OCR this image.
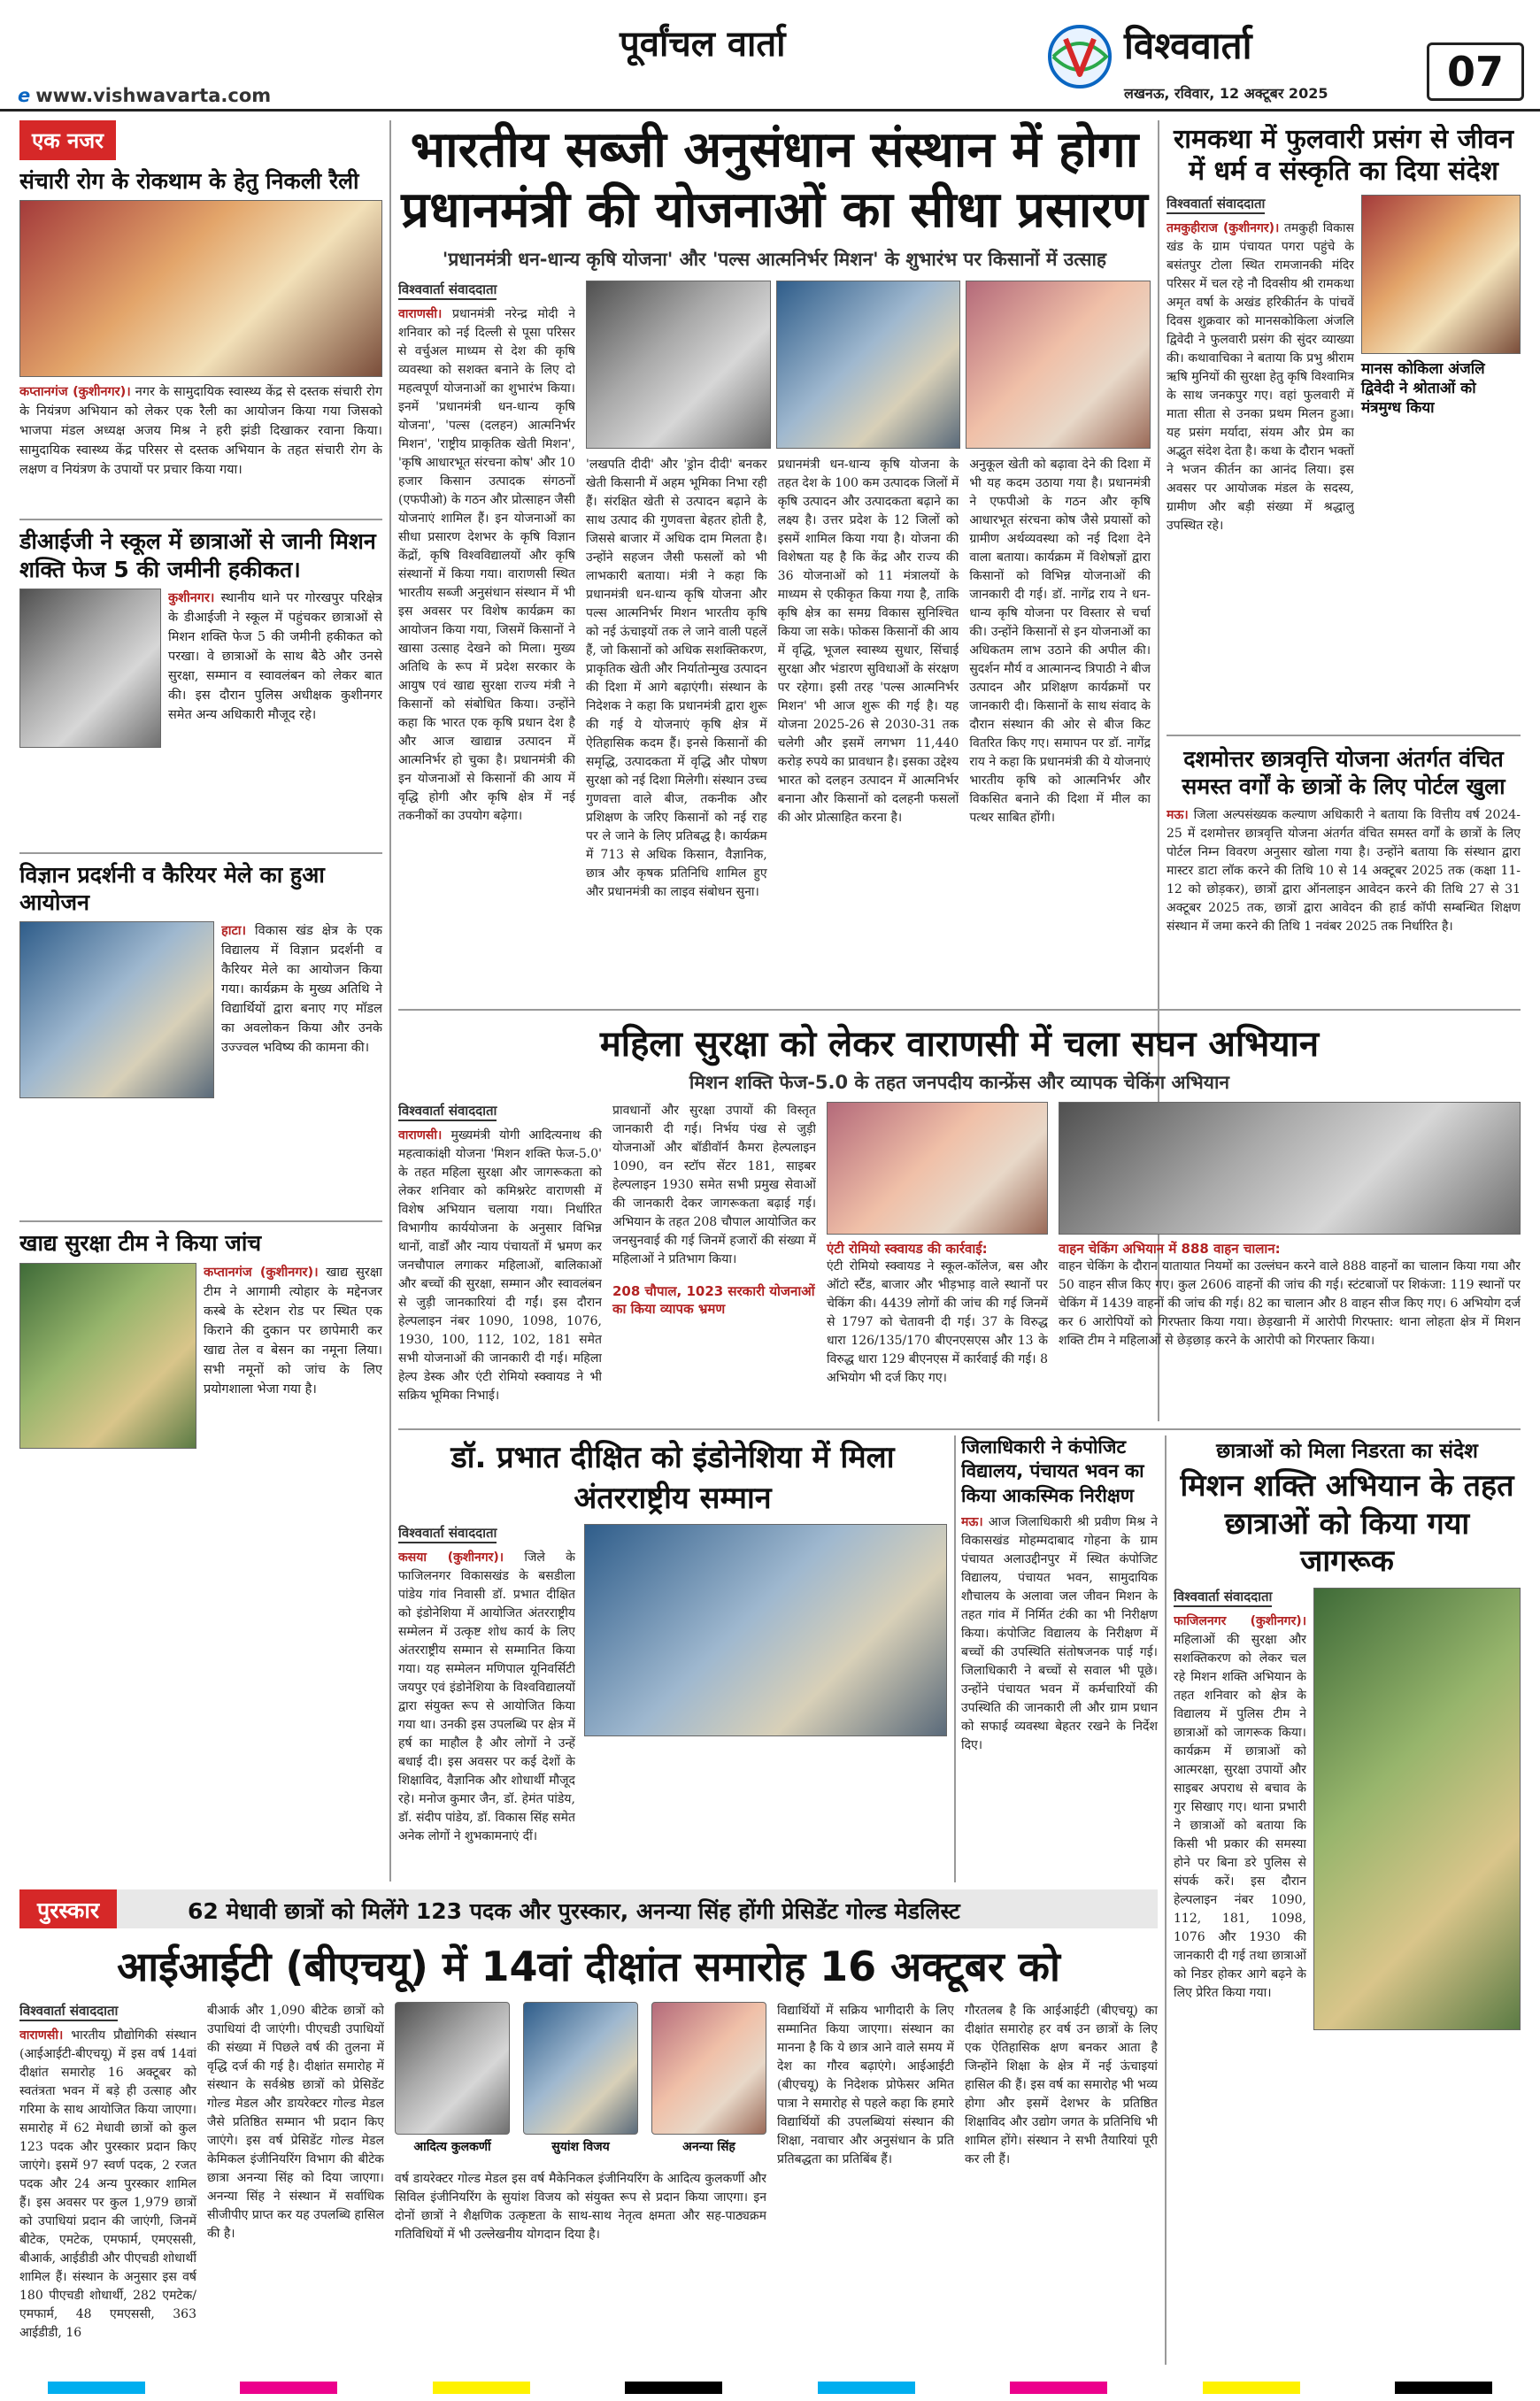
पूर्वांचल वार्ता
e www.vishwavarta.com
विश्ववार्ता
लखनऊ, रविवार, 12 अक्टूबर 2025	07
एक नजर
संचारी रोग के रोकथाम के हेतु निकली रैली
कप्तानगंज (कुशीनगर)। नगर के सामुदायिक स्वास्थ्य केंद्र से दस्तक संचारी रोग के नियंत्रण अभियान को लेकर एक रैली का आयोजन किया गया जिसको भाजपा मंडल अध्यक्ष अजय मिश्र ने हरी झंडी दिखाकर रवाना किया। सामुदायिक स्वास्थ्य केंद्र परिसर से दस्तक अभियान के तहत संचारी रोग के लक्षण व नियंत्रण के उपायों पर प्रचार किया गया।
डीआईजी ने स्कूल में छात्राओं से जानी मिशन शक्ति फेज 5 की जमीनी हकीकत।
कुशीनगर। स्थानीय थाने पर गोरखपुर परिक्षेत्र के डीआईजी ने स्कूल में पहुंचकर छात्राओं से मिशन शक्ति फेज 5 की जमीनी हकीकत को परखा। वे छात्राओं के साथ बैठे और उनसे सुरक्षा, सम्मान व स्वावलंबन को लेकर बात की। इस दौरान पुलिस अधीक्षक कुशीनगर समेत अन्य अधिकारी मौजूद रहे।
विज्ञान प्रदर्शनी व कैरियर मेले का हुआ आयोजन
हाटा। विकास खंड क्षेत्र के एक विद्यालय में विज्ञान प्रदर्शनी व कैरियर मेले का आयोजन किया गया। कार्यक्रम के मुख्य अतिथि ने विद्यार्थियों द्वारा बनाए गए मॉडल का अवलोकन किया और उनके उज्ज्वल भविष्य की कामना की।
खाद्य सुरक्षा टीम ने किया जांच
कप्तानगंज (कुशीनगर)। खाद्य सुरक्षा टीम ने आगामी त्योहार के मद्देनजर कस्बे के स्टेशन रोड पर स्थित एक किराने की दुकान पर छापेमारी कर खाद्य तेल व बेसन का नमूना लिया। सभी नमूनों को जांच के लिए प्रयोगशाला भेजा गया है।
भारतीय सब्जी अनुसंधान संस्थान में होगा
प्रधानमंत्री की योजनाओं का सीधा प्रसारण
'प्रधानमंत्री धन-धान्य कृषि योजना' और 'पल्स आत्मनिर्भर मिशन' के शुभारंभ पर किसानों में उत्साह
विश्ववार्ता संवाददाता
वाराणसी। प्रधानमंत्री नरेन्द्र मोदी ने शनिवार को नई दिल्ली से पूसा परिसर से वर्चुअल माध्यम से देश की कृषि व्यवस्था को सशक्त बनाने के लिए दो महत्वपूर्ण योजनाओं का शुभारंभ किया। इनमें 'प्रधानमंत्री धन-धान्य कृषि योजना', 'पल्स (दलहन) आत्मनिर्भर मिशन', 'राष्ट्रीय प्राकृतिक खेती मिशन', 'कृषि आधारभूत संरचना कोष' और 10 हजार किसान उत्पादक संगठनों (एफपीओ) के गठन और प्रोत्साहन जैसी योजनाएं शामिल हैं। इन योजनाओं का सीधा प्रसारण देशभर के कृषि विज्ञान केंद्रों, कृषि विश्वविद्यालयों और कृषि संस्थानों में किया गया। वाराणसी स्थित भारतीय सब्जी अनुसंधान संस्थान में भी इस अवसर पर विशेष कार्यक्रम का आयोजन किया गया, जिसमें किसानों ने खासा उत्साह देखने को मिला। मुख्य अतिथि के रूप में प्रदेश सरकार के आयुष एवं खाद्य सुरक्षा राज्य मंत्री ने किसानों को संबोधित किया। उन्होंने कहा कि भारत एक कृषि प्रधान देश है और आज खाद्यान्न उत्पादन में आत्मनिर्भर हो चुका है। प्रधानमंत्री की इन योजनाओं से किसानों की आय में वृद्धि होगी और कृषि क्षेत्र में नई तकनीकों का उपयोग बढ़ेगा।
'लखपति दीदी' और 'ड्रोन दीदी' बनकर खेती किसानी में अहम भूमिका निभा रही हैं। संरक्षित खेती से उत्पादन बढ़ाने के साथ उत्पाद की गुणवत्ता बेहतर होती है, जिससे बाजार में अधिक दाम मिलता है। उन्होंने सहजन जैसी फसलों को भी लाभकारी बताया। मंत्री ने कहा कि प्रधानमंत्री धन-धान्य कृषि योजना और पल्स आत्मनिर्भर मिशन भारतीय कृषि को नई ऊंचाइयों तक ले जाने वाली पहलें हैं, जो किसानों को अधिक सशक्तिकरण, प्राकृतिक खेती और निर्यातोन्मुख उत्पादन की दिशा में आगे बढ़ाएंगी। संस्थान के निदेशक ने कहा कि प्रधानमंत्री द्वारा शुरू की गई ये योजनाएं कृषि क्षेत्र में ऐतिहासिक कदम हैं। इनसे किसानों की समृद्धि, उत्पादकता में वृद्धि और पोषण सुरक्षा को नई दिशा मिलेगी। संस्थान उच्च गुणवत्ता वाले बीज, तकनीक और प्रशिक्षण के जरिए किसानों को नई राह पर ले जाने के लिए प्रतिबद्ध है। कार्यक्रम में 713 से अधिक किसान, वैज्ञानिक, छात्र और कृषक प्रतिनिधि शामिल हुए और प्रधानमंत्री का लाइव संबोधन सुना।
प्रधानमंत्री धन-धान्य कृषि योजना के तहत देश के 100 कम उत्पादक जिलों में कृषि उत्पादन और उत्पादकता बढ़ाने का लक्ष्य है। उत्तर प्रदेश के 12 जिलों को इसमें शामिल किया गया है। योजना की विशेषता यह है कि केंद्र और राज्य की 36 योजनाओं को 11 मंत्रालयों के माध्यम से एकीकृत किया गया है, ताकि कृषि क्षेत्र का समग्र विकास सुनिश्चित किया जा सके। फोकस किसानों की आय में वृद्धि, भूजल स्वास्थ्य सुधार, सिंचाई सुरक्षा और भंडारण सुविधाओं के संरक्षण पर रहेगा। इसी तरह 'पल्स आत्मनिर्भर मिशन' भी आज शुरू की गई है। यह योजना 2025-26 से 2030-31 तक चलेगी और इसमें लगभग 11,440 करोड़ रुपये का प्रावधान है। इसका उद्देश्य भारत को दलहन उत्पादन में आत्मनिर्भर बनाना और किसानों को दलहनी फसलों की ओर प्रोत्साहित करना है।
अनुकूल खेती को बढ़ावा देने की दिशा में भी यह कदम उठाया गया है। प्रधानमंत्री ने एफपीओ के गठन और कृषि आधारभूत संरचना कोष जैसे प्रयासों को ग्रामीण अर्थव्यवस्था को नई दिशा देने वाला बताया। कार्यक्रम में विशेषज्ञों द्वारा किसानों को विभिन्न योजनाओं की जानकारी दी गई। डॉ. नागेंद्र राय ने धन-धान्य कृषि योजना पर विस्तार से चर्चा की। उन्होंने किसानों से इन योजनाओं का अधिकतम लाभ उठाने की अपील की। सुदर्शन मौर्य व आत्मानन्द त्रिपाठी ने बीज उत्पादन और प्रशिक्षण कार्यक्रमों पर जानकारी दी। किसानों के साथ संवाद के दौरान संस्थान की ओर से बीज किट वितरित किए गए। समापन पर डॉ. नागेंद्र राय ने कहा कि प्रधानमंत्री की ये योजनाएं भारतीय कृषि को आत्मनिर्भर और विकसित बनाने की दिशा में मील का पत्थर साबित होंगी।
रामकथा में फुलवारी प्रसंग से जीवन में धर्म व संस्कृति का दिया संदेश
विश्ववार्ता संवाददाता
तमकुहीराज (कुशीनगर)। तमकुही विकास खंड के ग्राम पंचायत पगरा पहुंचे के बसंतपुर टोला स्थित रामजानकी मंदिर परिसर में चल रहे नौ दिवसीय श्री रामकथा अमृत वर्षा के अखंड हरिकीर्तन के पांचवें दिवस शुक्रवार को मानसकोकिला अंजलि द्विवेदी ने फुलवारी प्रसंग की सुंदर व्याख्या की। कथावाचिका ने बताया कि प्रभु श्रीराम ऋषि मुनियों की सुरक्षा हेतु कृषि विश्वामित्र के साथ जनकपुर गए। वहां फुलवारी में माता सीता से उनका प्रथम मिलन हुआ। यह प्रसंग मर्यादा, संयम और प्रेम का अद्भुत संदेश देता है। कथा के दौरान भक्तों ने भजन कीर्तन का आनंद लिया। इस अवसर पर आयोजक मंडल के सदस्य, ग्रामीण और बड़ी संख्या में श्रद्धालु उपस्थित रहे।
मानस कोकिला अंजलि द्विवेदी ने श्रोताओं को मंत्रमुग्ध किया
दशमोत्तर छात्रवृत्ति योजना अंतर्गत वंचित समस्त वर्गों के छात्रों के लिए पोर्टल खुला
मऊ। जिला अल्पसंख्यक कल्याण अधिकारी ने बताया कि वित्तीय वर्ष 2024-25 में दशमोत्तर छात्रवृत्ति योजना अंतर्गत वंचित समस्त वर्गों के छात्रों के लिए पोर्टल निम्न विवरण अनुसार खोला गया है। उन्होंने बताया कि संस्थान द्वारा मास्टर डाटा लॉक करने की तिथि 10 से 14 अक्टूबर 2025 तक (कक्षा 11-12 को छोड़कर), छात्रों द्वारा ऑनलाइन आवेदन करने की तिथि 27 से 31 अक्टूबर 2025 तक, छात्रों द्वारा आवेदन की हार्ड कॉपी सम्बन्धित शिक्षण संस्थान में जमा करने की तिथि 1 नवंबर 2025 तक निर्धारित है।
महिला सुरक्षा को लेकर वाराणसी में चला सघन अभियान
मिशन शक्ति फेज-5.0 के तहत जनपदीय कान्फ्रेंस और व्यापक चेकिंग अभियान
विश्ववार्ता संवाददाता
वाराणसी। मुख्यमंत्री योगी आदित्यनाथ की महत्वाकांक्षी योजना 'मिशन शक्ति फेज-5.0' के तहत महिला सुरक्षा और जागरूकता को लेकर शनिवार को कमिश्नरेट वाराणसी में विशेष अभियान चलाया गया। निर्धारित विभागीय कार्ययोजना के अनुसार विभिन्न थानों, वार्डों और न्याय पंचायतों में भ्रमण कर जनचौपाल लगाकर महिलाओं, बालिकाओं और बच्चों की सुरक्षा, सम्मान और स्वावलंबन से जुड़ी जानकारियां दी गईं। इस दौरान हेल्पलाइन नंबर 1090, 1098, 1076, 1930, 100, 112, 102, 181 समेत सभी योजनाओं की जानकारी दी गई। महिला हेल्प डेस्क और एंटी रोमियो स्क्वायड ने भी सक्रिय भूमिका निभाई।
प्रावधानों और सुरक्षा उपायों की विस्तृत जानकारी दी गई। निर्भय पंख से जुड़ी योजनाओं और बॉडीवॉर्न कैमरा हेल्पलाइन 1090, वन स्टॉप सेंटर 181, साइबर हेल्पलाइन 1930 समेत सभी प्रमुख सेवाओं की जानकारी देकर जागरूकता बढ़ाई गई। अभियान के तहत 208 चौपाल आयोजित कर जनसुनवाई की गई जिनमें हजारों की संख्या में महिलाओं ने प्रतिभाग किया।
208 चौपाल, 1023 सरकारी योजनाओं का किया व्यापक भ्रमण
एंटी रोमियो स्क्वायड की कार्रवाई:
एंटी रोमियो स्क्वायड ने स्कूल-कॉलेज, बस और ऑटो स्टैंड, बाजार और भीड़भाड़ वाले स्थानों पर चेकिंग की। 4439 लोगों की जांच की गई जिनमें से 1797 को चेतावनी दी गई। 37 के विरुद्ध धारा 126/135/170 बीएनएसएस और 13 के विरुद्ध धारा 129 बीएनएस में कार्रवाई की गई। 8 अभियोग भी दर्ज किए गए।
वाहन चेकिंग अभियान में 888 वाहन चालान:
वाहन चेकिंग के दौरान यातायात नियमों का उल्लंघन करने वाले 888 वाहनों का चालान किया गया और 50 वाहन सीज किए गए। कुल 2606 वाहनों की जांच की गई। स्टंटबाजों पर शिकंजा: 119 स्थानों पर चेकिंग में 1439 वाहनों की जांच की गई। 82 का चालान और 8 वाहन सीज किए गए। 6 अभियोग दर्ज कर 6 आरोपियों को गिरफ्तार किया गया। छेड़खानी में आरोपी गिरफ्तार: थाना लोहता क्षेत्र में मिशन शक्ति टीम ने महिलाओं से छेड़छाड़ करने के आरोपी को गिरफ्तार किया।
डॉ. प्रभात दीक्षित को इंडोनेशिया में मिला अंतरराष्ट्रीय सम्मान
विश्ववार्ता संवाददाता
कसया (कुशीनगर)। जिले के फाजिलनगर विकासखंड के बसडीला पांडेय गांव निवासी डॉ. प्रभात दीक्षित को इंडोनेशिया में आयोजित अंतरराष्ट्रीय सम्मेलन में उत्कृष्ट शोध कार्य के लिए अंतरराष्ट्रीय सम्मान से सम्मानित किया गया। यह सम्मेलन मणिपाल यूनिवर्सिटी जयपुर एवं इंडोनेशिया के विश्वविद्यालयों द्वारा संयुक्त रूप से आयोजित किया गया था। उनकी इस उपलब्धि पर क्षेत्र में हर्ष का माहौल है और लोगों ने उन्हें बधाई दी। इस अवसर पर कई देशों के शिक्षाविद, वैज्ञानिक और शोधार्थी मौजूद रहे। मनोज कुमार जैन, डॉ. हेमंत पांडेय, डॉ. संदीप पांडेय, डॉ. विकास सिंह समेत अनेक लोगों ने शुभकामनाएं दीं।
जिलाधिकारी ने कंपोजिट विद्यालय, पंचायत भवन का किया आकस्मिक निरीक्षण
मऊ। आज जिलाधिकारी श्री प्रवीण मिश्र ने विकासखंड मोहम्मदाबाद गोहना के ग्राम पंचायत अलाउद्दीनपुर में स्थित कंपोजिट विद्यालय, पंचायत भवन, सामुदायिक शौचालय के अलावा जल जीवन मिशन के तहत गांव में निर्मित टंकी का भी निरीक्षण किया। कंपोजिट विद्यालय के निरीक्षण में बच्चों की उपस्थिति संतोषजनक पाई गई। जिलाधिकारी ने बच्चों से सवाल भी पूछे। उन्होंने पंचायत भवन में कर्मचारियों की उपस्थिति की जानकारी ली और ग्राम प्रधान को सफाई व्यवस्था बेहतर रखने के निर्देश दिए।
छात्राओं को मिला निडरता का संदेश
मिशन शक्ति अभियान के तहत छात्राओं को किया गया जागरूक
विश्ववार्ता संवाददाता
फाजिलनगर (कुशीनगर)। महिलाओं की सुरक्षा और सशक्तिकरण को लेकर चल रहे मिशन शक्ति अभियान के तहत शनिवार को क्षेत्र के विद्यालय में पुलिस टीम ने छात्राओं को जागरूक किया। कार्यक्रम में छात्राओं को आत्मरक्षा, सुरक्षा उपायों और साइबर अपराध से बचाव के गुर सिखाए गए। थाना प्रभारी ने छात्राओं को बताया कि किसी भी प्रकार की समस्या होने पर बिना डरे पुलिस से संपर्क करें। इस दौरान हेल्पलाइन नंबर 1090, 112, 181, 1098, 1076 और 1930 की जानकारी दी गई तथा छात्राओं को निडर होकर आगे बढ़ने के लिए प्रेरित किया गया।
पुरस्कार	62 मेधावी छात्रों को मिलेंगे 123 पदक और पुरस्कार, अनन्या सिंह होंगी प्रेसिडेंट गोल्ड मेडलिस्ट
आईआईटी (बीएचयू) में 14वां दीक्षांत समारोह 16 अक्टूबर को
विश्ववार्ता संवाददाता
वाराणसी। भारतीय प्रौद्योगिकी संस्थान (आईआईटी-बीएचयू) में इस वर्ष 14वां दीक्षांत समारोह 16 अक्टूबर को स्वतंत्रता भवन में बड़े ही उत्साह और गरिमा के साथ आयोजित किया जाएगा। समारोह में 62 मेधावी छात्रों को कुल 123 पदक और पुरस्कार प्रदान किए जाएंगे। इसमें 97 स्वर्ण पदक, 2 रजत पदक और 24 अन्य पुरस्कार शामिल हैं। इस अवसर पर कुल 1,979 छात्रों को उपाधियां प्रदान की जाएंगी, जिनमें बीटेक, एमटेक, एमफार्म, एमएससी, बीआर्क, आईडीडी और पीएचडी शोधार्थी शामिल हैं। संस्थान के अनुसार इस वर्ष 180 पीएचडी शोधार्थी, 282 एमटेक/एमफार्म, 48 एमएससी, 363 आईडीडी, 16
बीआर्क और 1,090 बीटेक छात्रों को उपाधियां दी जाएंगी। पीएचडी उपाधियों की संख्या में पिछले वर्ष की तुलना में वृद्धि दर्ज की गई है। दीक्षांत समारोह में संस्थान के सर्वश्रेष्ठ छात्रों को प्रेसिडेंट गोल्ड मेडल और डायरेक्टर गोल्ड मेडल जैसे प्रतिष्ठित सम्मान भी प्रदान किए जाएंगे। इस वर्ष प्रेसिडेंट गोल्ड मेडल केमिकल इंजीनियरिंग विभाग की बीटेक छात्रा अनन्या सिंह को दिया जाएगा। अनन्या सिंह ने संस्थान में सर्वाधिक सीजीपीए प्राप्त कर यह उपलब्धि हासिल की है।
आदित्य कुलकर्णी	सुयांश विजय	अनन्या सिंह
वर्ष डायरेक्टर गोल्ड मेडल इस वर्ष मैकेनिकल इंजीनियरिंग के आदित्य कुलकर्णी और सिविल इंजीनियरिंग के सुयांश विजय को संयुक्त रूप से प्रदान किया जाएगा। इन दोनों छात्रों ने शैक्षणिक उत्कृष्टता के साथ-साथ नेतृत्व क्षमता और सह-पाठ्यक्रम गतिविधियों में भी उल्लेखनीय योगदान दिया है।
विद्यार्थियों में सक्रिय भागीदारी के लिए सम्मानित किया जाएगा। संस्थान का मानना है कि ये छात्र आने वाले समय में देश का गौरव बढ़ाएंगे। आईआईटी (बीएचयू) के निदेशक प्रोफेसर अमित पात्रा ने समारोह से पहले कहा कि हमारे विद्यार्थियों की उपलब्धियां संस्थान की शिक्षा, नवाचार और अनुसंधान के प्रति प्रतिबद्धता का प्रतिबिंब हैं।
गौरतलब है कि आईआईटी (बीएचयू) का दीक्षांत समारोह हर वर्ष उन छात्रों के लिए एक ऐतिहासिक क्षण बनकर आता है जिन्होंने शिक्षा के क्षेत्र में नई ऊंचाइयां हासिल की हैं। इस वर्ष का समारोह भी भव्य होगा और इसमें देशभर के प्रतिष्ठित शिक्षाविद और उद्योग जगत के प्रतिनिधि भी शामिल होंगे। संस्थान ने सभी तैयारियां पूरी कर ली हैं।
